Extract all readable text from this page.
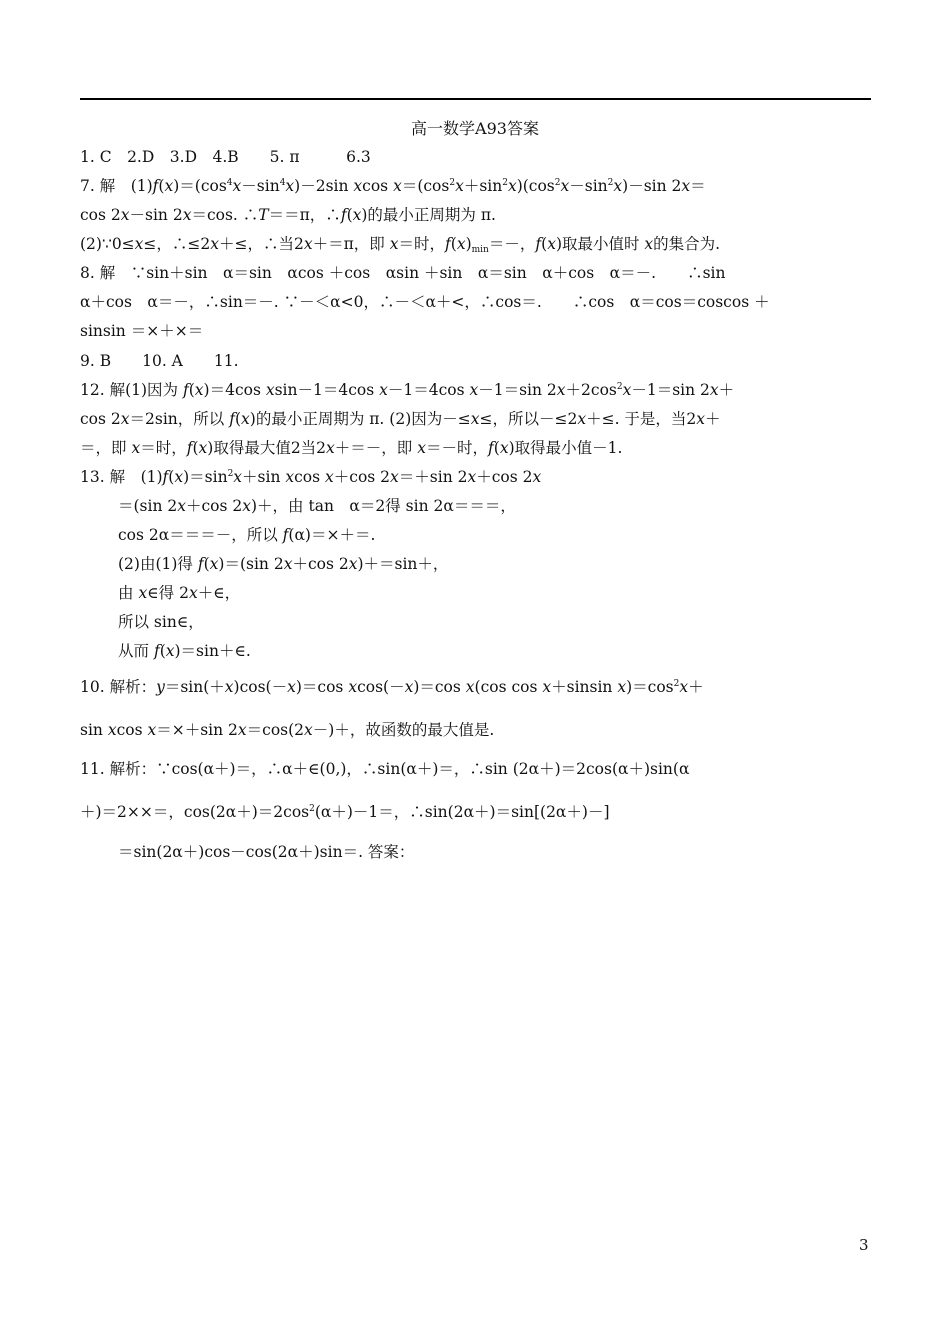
高一数学A93答案
1. C　2.D　3.D　4.B　　5. π　　　6.3
7. 解　$(1)f(x)=(\cos^4x-\sin^4x)-2\sin$ xcos $x=(\cos^2x+\sin^2x)(\cos^2x-\sin^2x)-\sin$ 2x＝
cos 2x－sin 2x＝cos. ∴T＝＝π，∴f(x)的最小正周期为 π.
(2)∵0≤x≤，∴≤2x＋≤，∴当2x＋＝π，即 x＝时，$f(x)_{min}=-$，f(x)取最小值时 x的集合为.
8. 解　∵sin＋sin　α＝sin　αcos ＋cos　αsin ＋sin　α＝sin　α＋cos　α＝－.　　∴sin
α＋cos　α＝－，∴sin＝－. ∵－＜α<0，∴－＜α＋<，∴cos＝.　　∴cos　α＝cos＝coscos ＋
sinsin ＝×＋×＝
9. B　　10. A　　11.
12. 解(1)因为 f(x)＝4cos xsin－1＝4cos x－1＝4cos x－1＝sin $2x+2\cos^2x-1=\sin$ 2x＋
cos 2x＝2sin，所以 f(x)的最小正周期为 π. (2)因为－≤x≤，所以－≤2x＋≤. 于是，当2x＋
＝，即 x＝时，f(x)取得最大值2当2x＋＝－，即 x＝－时，f(x)取得最小值－1.
13. 解　$(1)f(x)=\sin^2x+\sin$ xcos x＋cos 2x＝＋sin 2x＋cos 2x
＝(sin 2x＋cos 2x)＋，由 tan　α＝2得 sin 2α＝＝＝，
cos 2α＝＝＝－，所以 f(α)＝×＋＝.
(2)由(1)得 f(x)＝(sin 2x＋cos 2x)＋＝sin＋，
由 x∈得 2x＋∈，
所以 sin∈，
从而 f(x)＝sin＋∈.
10. 解析：y＝sin(＋x)cos(－x)＝cos xcos(－x)＝cos x(cos cos x＋sinsin $x)=\cos^2x+$
sin xcos x＝×＋sin 2x＝cos(2x－)＋，故函数的最大值是.
11. 解析：∵cos(α＋)＝，∴α＋∈(0,)，∴sin(α＋)＝，∴sin (2α＋)＝2cos(α＋)sin(α
＋)＝2××＝，$\cos(2\alpha+)=2\cos^2(\alpha+)-1=$，∴sin(2α＋)＝sin[(2α＋)－]
＝sin(2α＋)cos－cos(2α＋)sin＝. 答案：
3
